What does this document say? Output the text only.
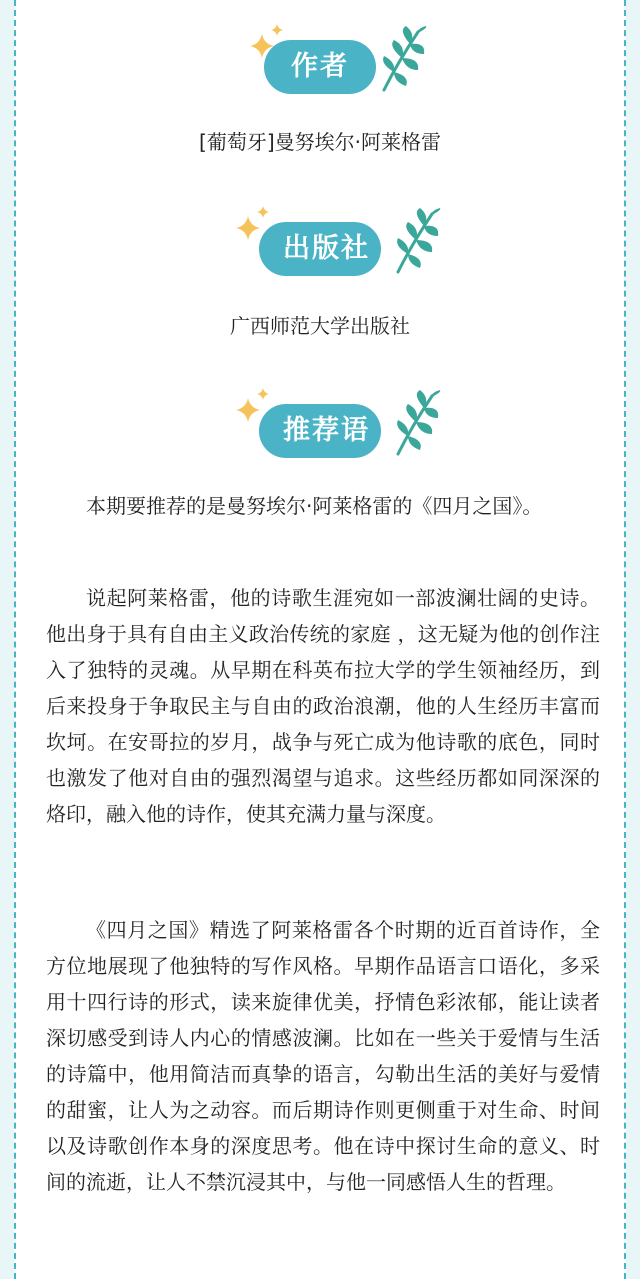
作者
[葡萄牙]曼努埃尔·阿莱格雷
出版社
广西师范大学出版社
推荐语

本期要推荐的是曼努埃尔·阿莱格雷的《四月之国》。

说起阿莱格雷，他的诗歌生涯宛如一部波澜壮阔的史诗。他出身于具有自由主义政治传统的家庭 ，这无疑为他的创作注入了独特的灵魂。从早期在科英布拉大学的学生领袖经历，到后来投身于争取民主与自由的政治浪潮，他的人生经历丰富而坎坷。在安哥拉的岁月，战争与死亡成为他诗歌的底色，同时也激发了他对自由的强烈渴望与追求。这些经历都如同深深的烙印，融入他的诗作，使其充满力量与深度。

《四月之国》精选了阿莱格雷各个时期的近百首诗作，全方位地展现了他独特的写作风格。早期作品语言口语化，多采用十四行诗的形式，读来旋律优美，抒情色彩浓郁，能让读者深切感受到诗人内心的情感波澜。比如在一些关于爱情与生活的诗篇中，他用简洁而真挚的语言，勾勒出生活的美好与爱情的甜蜜，让人为之动容。而后期诗作则更侧重于对生命、时间以及诗歌创作本身的深度思考。他在诗中探讨生命的意义、时间的流逝，让人不禁沉浸其中，与他一同感悟人生的哲理。
